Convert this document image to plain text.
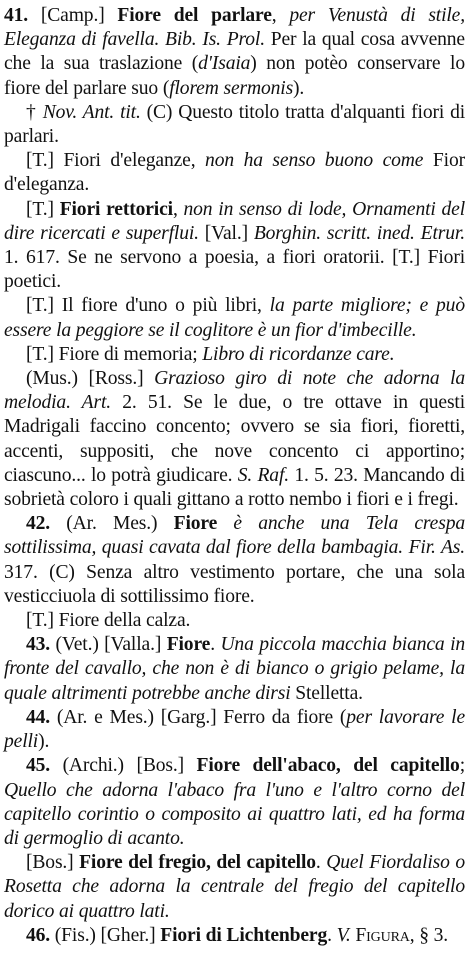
41. [Camp.] Fiore del parlare, per Venustà di stile, Eleganza di favella. Bib. Is. Prol. Per la qual cosa avvenne che la sua traslazione (d'Isaia) non potèo conservare lo fiore del parlare suo (florem sermonis).

† Nov. Ant. tit. (C) Questo titolo tratta d'alquanti fiori di parlari.

[T.] Fiori d'eleganze, non ha senso buono come Fior d'eleganza.

[T.] Fiori rettorici, non in senso di lode, Ornamenti del dire ricercati e superflui. [Val.] Borghin. scritt. ined. Etrur. 1. 617. Se ne servono a poesia, a fiori oratorii. [T.] Fiori poetici.

[T.] Il fiore d'uno o più libri, la parte migliore; e può essere la peggiore se il coglitore è un fior d'imbecille.

[T.] Fiore di memoria; Libro di ricordanze care.

(Mus.) [Ross.] Grazioso giro di note che adorna la melodia. Art. 2. 51. Se le due, o tre ottave in questi Madrigali faccino concento; ovvero se sia fiori, fioretti, accenti, suppositi, che nove concento ci apportino; ciascuno... lo potrà giudicare. S. Raf. 1. 5. 23. Mancando di sobrietà coloro i quali gittano a rotto nembo i fiori e i fregi.

42. (Ar. Mes.) Fiore è anche una Tela crespa sottilissima, quasi cavata dal fiore della bambagia. Fir. As. 317. (C) Senza altro vestimento portare, che una sola vesticciuola di sottilissimo fiore.

[T.] Fiore della calza.

43. (Vet.) [Valla.] Fiore. Una piccola macchia bianca in fronte del cavallo, che non è di bianco o grigio pelame, la quale altrimenti potrebbe anche dirsi Stelletta.

44. (Ar. e Mes.) [Garg.] Ferro da fiore (per lavorare le pelli).

45. (Archi.) [Bos.] Fiore dell'abaco, del capitello; Quello che adorna l'abaco fra l'uno e l'altro corno del capitello corintio o composito ai quattro lati, ed ha forma di germoglio di acanto.

[Bos.] Fiore del fregio, del capitello. Quel Fiordaliso o Rosetta che adorna la centrale del fregio del capitello dorico ai quattro lati.

46. (Fis.) [Gher.] Fiori di Lichtenberg. V. Figura, § 3.
